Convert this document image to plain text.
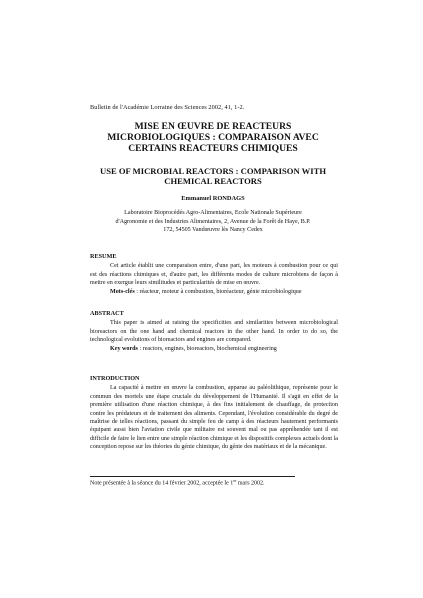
Bulletin de l'Académie Lorraine des Sciences 2002, 41, 1-2.
MISE EN ŒUVRE DE REACTEURS
MICROBIOLOGIQUES : COMPARAISON AVEC
CERTAINS REACTEURS CHIMIQUES
USE OF MICROBIAL REACTORS : COMPARISON WITH
CHEMICAL REACTORS
Emmanuel RONDAGS
Laboratoire Bioprocédés Agro-Alimentaires, Ecole Nationale Supérieure
d'Agronomie et des Industries Alimentaires, 2, Avenue de la Forêt de Haye, B.P.
172, 54505 Vandœuvre lès Nancy Cedex
RESUME

Cet article établit une comparaison entre, d'une part, les moteurs à combustion pour ce qui est des réactions chimiques et, d'autre part, les différents modes de culture microbiens de façon à mettre en exergue leurs similitudes et particularités de mise en œuvre.

Mots-clés : réacteur, moteur à combustion, bioréacteur, génie microbiologique

ABSTRACT

This paper is aimed at raising the specificities and similarities between microbiological bioreactors on the one hand and chemical reactors in the other hand. In order to do so, the technological evolutions of bioreactors and engines are compared.

Key words : reactors, engines, bioreactors, biochemical engineering

INTRODUCTION

La capacité à mettre en œuvre la combustion, apparue au paléolithique, représente pour le commun des mortels une étape cruciale du développement de l'Humanité. Il s'agit en effet de la première utilisation d'une réaction chimique, à des fins initialement de chauffage, de protection contre les prédateurs et de traitement des aliments. Cependant, l'évolution considérable du degré de maîtrise de telles réactions, passant du simple feu de camp à des réacteurs hautement performants équipant aussi bien l'aviation civile que militaire est souvent mal ou pas appréhendée tant il est difficile de faire le lien entre une simple réaction chimique et les dispositifs complexes actuels dont la conception repose sur les théories du génie chimique, du génie des matériaux et de la mécanique.

Note présentée à la séance du 14 février 2002, acceptée le 1er mars 2002.
